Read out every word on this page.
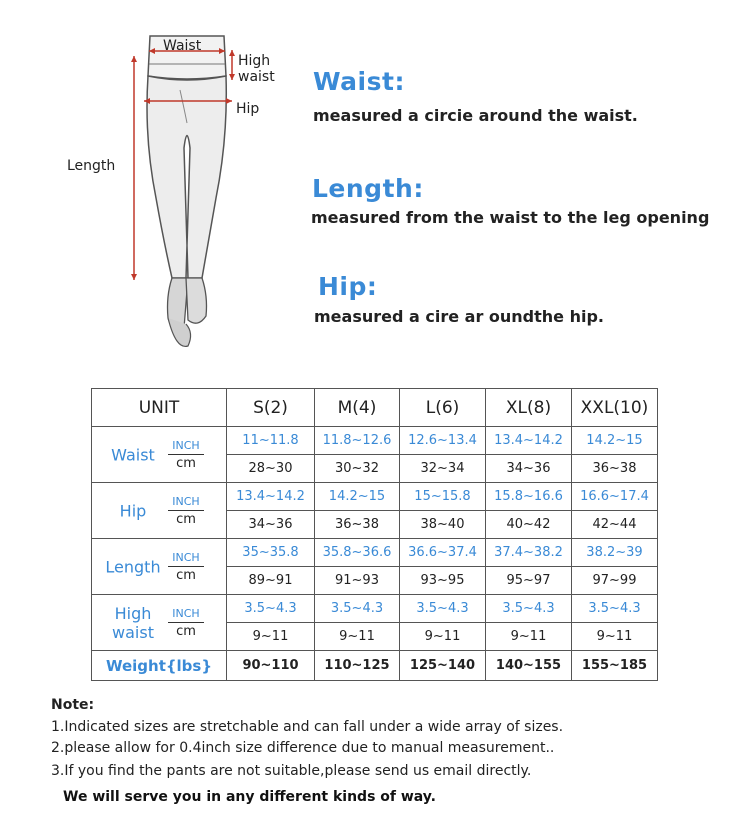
Waist
High waist
Hip
Length
Waist:
measured a circie around the waist.
Length:
measured from the waist to the leg opening
Hip:
measured a cire ar oundthe hip.
UNIT	S(2)	M(4)	L(6)	XL(8)	XXL(10)

Waist INCH
cm	11~11.8	11.8~12.6	12.6~13.4	13.4~14.2	14.2~15
	28~30	30~32	32~34	34~36	36~38

Hip INCH
cm	13.4~14.2	14.2~15	15~15.8	15.8~16.6	16.6~17.4
	34~36	36~38	38~40	40~42	42~44

Length INCH
cm	35~35.8	35.8~36.6	36.6~37.4	37.4~38.2	38.2~39
	89~91	91~93	93~95	95~97	97~99

High waist
INCH
cm	3.5~4.3	3.5~4.3	3.5~4.3	3.5~4.3	3.5~4.3
	9~11	9~11	9~11	9~11	9~11
Weight{lbs}	90~110	110~125	125~140	140~155	155~185
Note:
1.Indicated sizes are stretchable and can fall under a wide array of sizes.
2.please allow for 0.4inch size difference due to manual measurement..
3.If you find the pants are not suitable,please send us email directly.
We will serve you in any different kinds of way.
